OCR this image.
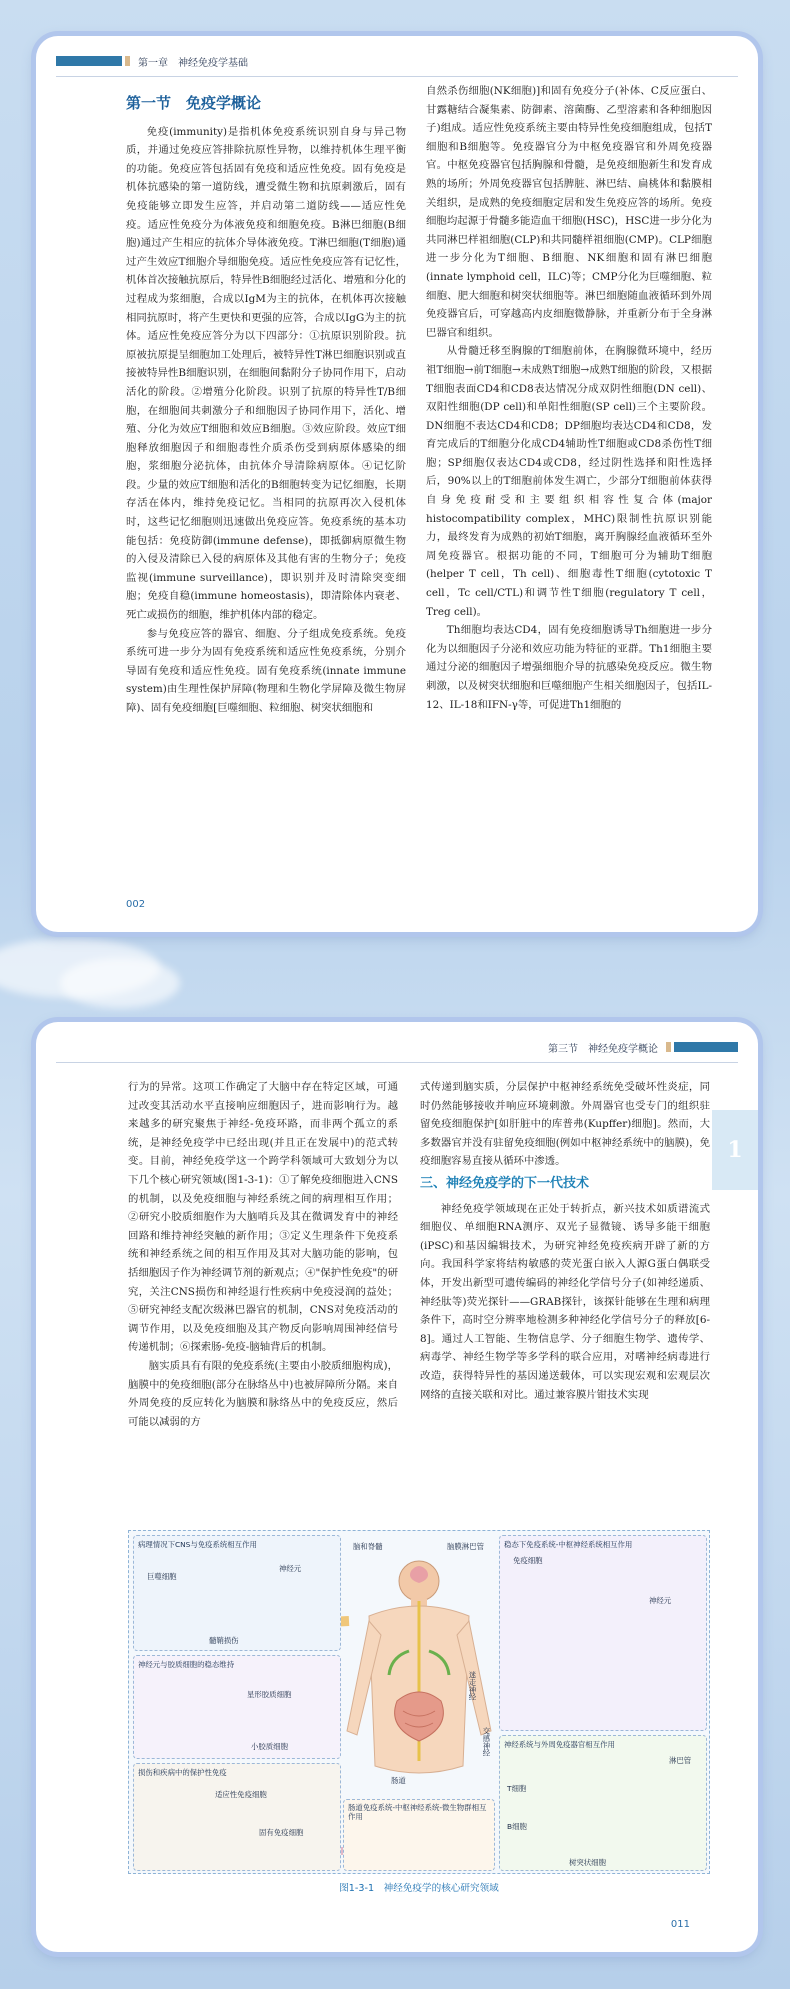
第一章　神经免疫学基础
第一节　免疫学概论

免疫(immunity)是指机体免疫系统识别自身与异己物质，并通过免疫应答排除抗原性异物，以维持机体生理平衡的功能。免疫应答包括固有免疫和适应性免疫。固有免疫是机体抗感染的第一道防线，遭受微生物和抗原刺激后，固有免疫能够立即发生应答，并启动第二道防线——适应性免疫。适应性免疫分为体液免疫和细胞免疫。B淋巴细胞(B细胞)通过产生相应的抗体介导体液免疫。T淋巴细胞(T细胞)通过产生效应T细胞介导细胞免疫。适应性免疫应答有记忆性，机体首次接触抗原后，特异性B细胞经过活化、增殖和分化的过程成为浆细胞，合成以IgM为主的抗体，在机体再次接触相同抗原时，将产生更快和更强的应答，合成以IgG为主的抗体。适应性免疫应答分为以下四部分：①抗原识别阶段。抗原被抗原提呈细胞加工处理后，被特异性T淋巴细胞识别或直接被特异性B细胞识别，在细胞间黏附分子协同作用下，启动活化的阶段。②增殖分化阶段。识别了抗原的特异性T/B细胞，在细胞间共刺激分子和细胞因子协同作用下，活化、增殖、分化为效应T细胞和效应B细胞。③效应阶段。效应T细胞释放细胞因子和细胞毒性介质杀伤受到病原体感染的细胞，浆细胞分泌抗体，由抗体介导清除病原体。④记忆阶段。少量的效应T细胞和活化的B细胞转变为记忆细胞，长期存活在体内，维持免疫记忆。当相同的抗原再次入侵机体时，这些记忆细胞则迅速做出免疫应答。免疫系统的基本功能包括：免疫防御(immune defense)，即抵御病原微生物的入侵及清除已入侵的病原体及其他有害的生物分子；免疫监视(immune surveillance)，即识别并及时清除突变细胞；免疫自稳(immune homeostasis)，即清除体内衰老、死亡或损伤的细胞，维护机体内部的稳定。

参与免疫应答的器官、细胞、分子组成免疫系统。免疫系统可进一步分为固有免疫系统和适应性免疫系统，分别介导固有免疫和适应性免疫。固有免疫系统(innate immune system)由生理性保护屏障(物理和生物化学屏障及微生物屏障)、固有免疫细胞[巨噬细胞、粒细胞、树突状细胞和

自然杀伤细胞(NK细胞)]和固有免疫分子(补体、C反应蛋白、甘露糖结合凝集素、防御素、溶菌酶、乙型溶素和各种细胞因子)组成。适应性免疫系统主要由特异性免疫细胞组成，包括T细胞和B细胞等。免疫器官分为中枢免疫器官和外周免疫器官。中枢免疫器官包括胸腺和骨髓，是免疫细胞新生和发育成熟的场所；外周免疫器官包括脾脏、淋巴结、扁桃体和黏膜相关组织，是成熟的免疫细胞定居和发生免疫应答的场所。免疫细胞均起源于骨髓多能造血干细胞(HSC)，HSC进一步分化为共同淋巴样祖细胞(CLP)和共同髓样祖细胞(CMP)。CLP细胞进一步分化为T细胞、B细胞、NK细胞和固有淋巴细胞(innate lymphoid cell，ILC)等；CMP分化为巨噬细胞、粒细胞、肥大细胞和树突状细胞等。淋巴细胞随血液循环到外周免疫器官后，可穿越高内皮细胞微静脉，并重新分布于全身淋巴器官和组织。

从骨髓迁移至胸腺的T细胞前体，在胸腺微环境中，经历祖T细胞→前T细胞→未成熟T细胞→成熟T细胞的阶段，又根据T细胞表面CD4和CD8表达情况分成双阴性细胞(DN cell)、双阳性细胞(DP cell)和单阳性细胞(SP cell)三个主要阶段。DN细胞不表达CD4和CD8；DP细胞均表达CD4和CD8，发育完成后的T细胞分化成CD4辅助性T细胞或CD8杀伤性T细胞；SP细胞仅表达CD4或CD8，经过阴性选择和阳性选择后，90%以上的T细胞前体发生凋亡，少部分T细胞前体获得自身免疫耐受和主要组织相容性复合体(major histocompatibility complex，MHC)限制性抗原识别能力，最终发育为成熟的初始T细胞，离开胸腺经血液循环至外周免疫器官。根据功能的不同，T细胞可分为辅助T细胞(helper T cell，Th cell)、细胞毒性T细胞(cytotoxic T cell，Tc cell/CTL)和调节性T细胞(regulatory T cell，Treg cell)。

Th细胞均表达CD4，固有免疫细胞诱导Th细胞进一步分化为以细胞因子分泌和效应功能为特征的亚群。Th1细胞主要通过分泌的细胞因子增强细胞介导的抗感染免疫反应。微生物刺激，以及树突状细胞和巨噬细胞产生相关细胞因子，包括IL-12、IL-18和IFN-γ等，可促进Th1细胞的

002
第三节　神经免疫学概论
1

行为的异常。这项工作确定了大脑中存在特定区域，可通过改变其活动水平直接响应细胞因子，进而影响行为。越来越多的研究聚焦于神经-免疫环路，而非两个孤立的系统，是神经免疫学中已经出现(并且正在发展中)的范式转变。目前，神经免疫学这一个跨学科领域可大致划分为以下几个核心研究领域(图1-3-1)：①了解免疫细胞进入CNS的机制，以及免疫细胞与神经系统之间的病理相互作用；②研究小胶质细胞作为大脑哨兵及其在微调发育中的神经回路和维持神经突触的新作用；③定义生理条件下免疫系统和神经系统之间的相互作用及其对大脑功能的影响，包括细胞因子作为神经调节剂的新观点；④"保护性免疫"的研究，关注CNS损伤和神经退行性疾病中免疫浸润的益处；⑤研究神经支配次级淋巴器官的机制，CNS对免疫活动的调节作用，以及免疫细胞及其产物反向影响周围神经信号传递机制；⑥探索肠-免疫-脑轴背后的机制。

脑实质具有有限的免疫系统(主要由小胶质细胞构成)，脑膜中的免疫细胞(部分在脉络丛中)也被屏障所分隔。来自外周免疫的反应转化为脑膜和脉络丛中的免疫反应，然后可能以减弱的方

式传递到脑实质，分层保护中枢神经系统免受破坏性炎症，同时仍然能够接收并响应环境刺激。外周器官也受专门的组织驻留免疫细胞保护[如肝脏中的库普弗(Kupffer)细胞]。然而，大多数器官并没有驻留免疫细胞(例如中枢神经系统中的脑膜)，免疫细胞容易直接从循环中渗透。

三、神经免疫学的下一代技术

神经免疫学领域现在正处于转折点，新兴技术如质谱流式细胞仪、单细胞RNA测序、双光子显微镜、诱导多能干细胞(iPSC)和基因编辑技术，为研究神经免疫疾病开辟了新的方向。我国科学家将结构敏感的荧光蛋白嵌入人源G蛋白偶联受体，开发出新型可遗传编码的神经化学信号分子(如神经递质、神经肽等)荧光探针——GRAB探针，该探针能够在生理和病理条件下，高时空分辨率地检测多种神经化学信号分子的释放[6-8]。通过人工智能、生物信息学、分子细胞生物学、遗传学、病毒学、神经生物学等多学科的联合应用，对嗜神经病毒进行改造，获得特异性的基因递送载体，可以实现宏观和宏观层次网络的直接关联和对比。通过兼容膜片钳技术实现

病理情况下CNS与免疫系统相互作用
神经元与胶质细胞的稳态维持
损伤和疾病中的保护性免疫
稳态下免疫系统-中枢神经系统相互作用
神经系统与外周免疫器官相互作用
肠道免疫系统-中枢神经系统-微生物群相互作用
巨噬细胞
神经元
髓鞘损伤
星形胶质细胞
小胶质细胞
适应性免疫细胞
固有免疫细胞
脑和脊髓	脑膜淋巴管
迷走神经
交感神经
肠道
免疫细胞
神经元
淋巴管
T细胞
B细胞
树突状细胞
图1-3-1　神经免疫学的核心研究领域
011
